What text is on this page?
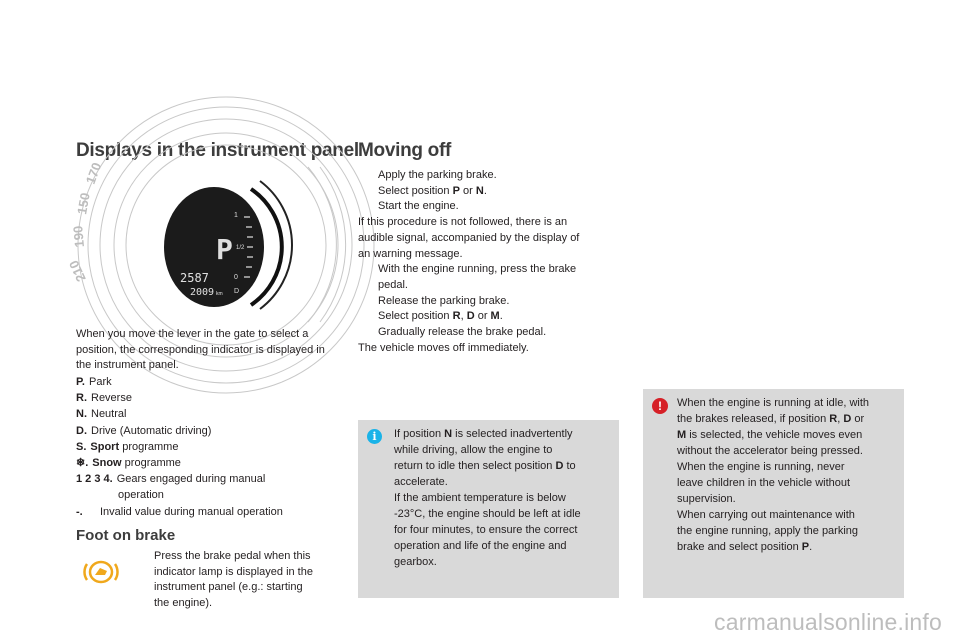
Displays in the instrument panel
170
150
190
210
1
1/2
0
D
P
2587
2009 km
When you move the lever in the gate to select a position, the corresponding indicator is displayed in the instrument panel.
P. Park
R. Reverse
N. Neutral
D. Drive (Automatic driving)
S. Sport programme
❄. Snow programme
1 2 3 4. Gears engaged during manual
operation
-.	Invalid value during manual operation
Foot on brake
Press the brake pedal when this
indicator lamp is displayed in the
instrument panel (e.g.: starting
the engine).
Moving off
Apply the parking brake.
Select position P or N.
Start the engine.
If this procedure is not followed, there is an
audible signal, accompanied by the display of
an warning message.
With the engine running, press the brake
pedal.
Release the parking brake.
Select position R, D or M.
Gradually release the brake pedal.
The vehicle moves off immediately.
i	If position N is selected inadvertently
while driving, allow the engine to
return to idle then select position D to
accelerate.
If the ambient temperature is below
-23°C, the engine should be left at idle
for four minutes, to ensure the correct
operation and life of the engine and
gearbox.
!	When the engine is running at idle, with
the brakes released, if position R, D or
M is selected, the vehicle moves even
without the accelerator being pressed.
When the engine is running, never
leave children in the vehicle without
supervision.
When carrying out maintenance with
the engine running, apply the parking
brake and select position P.
carmanualsonline.info
